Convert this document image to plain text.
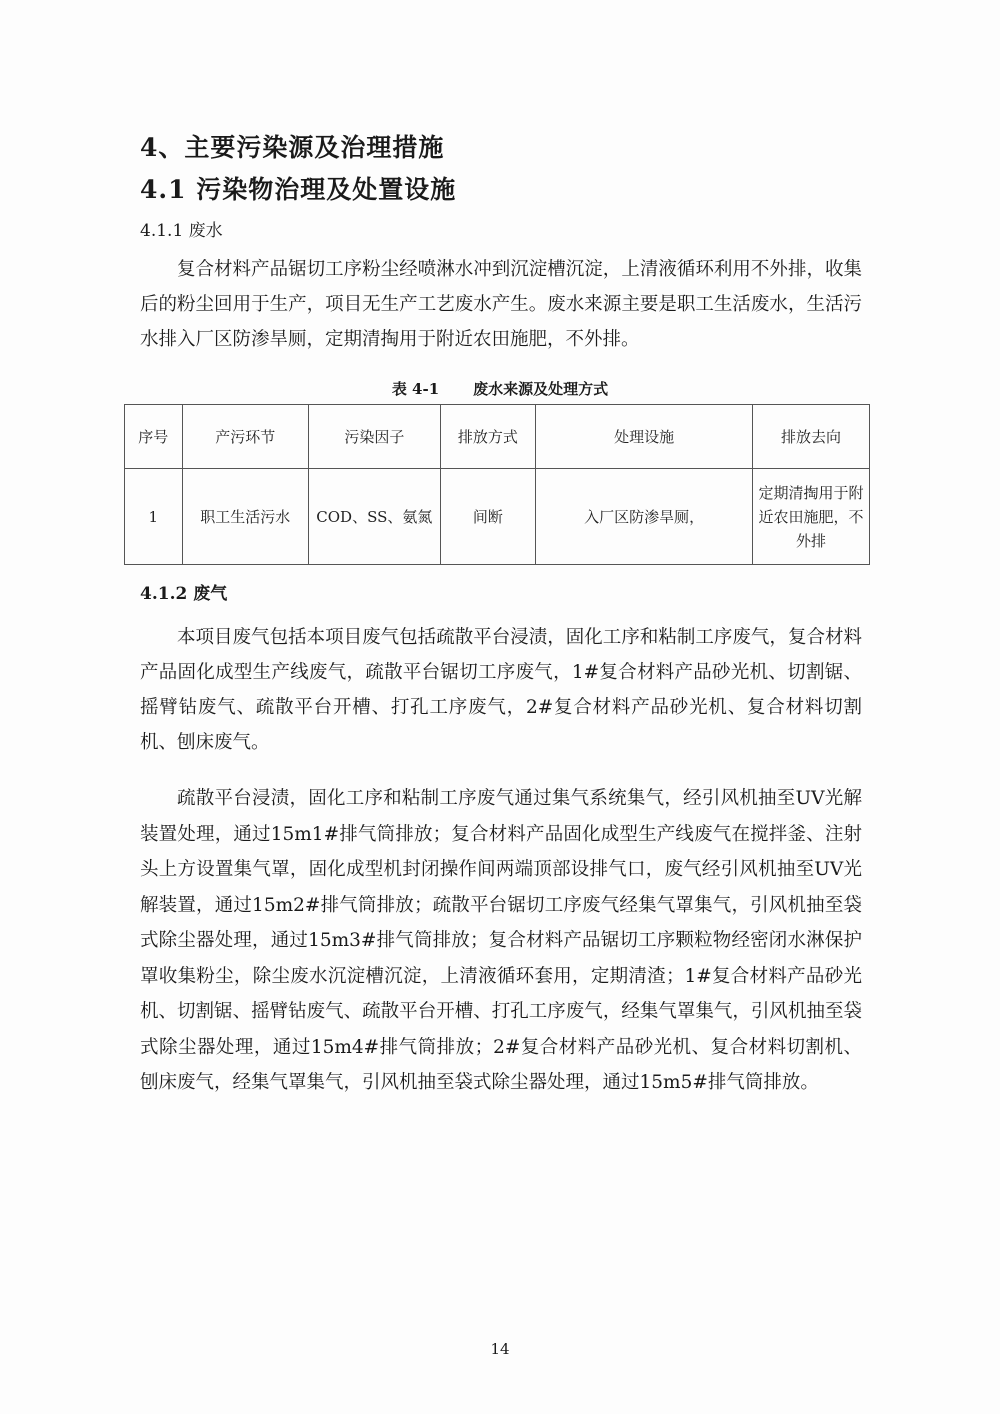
4、主要污染源及治理措施
4.1 污染物治理及处置设施
4.1.1 废水

复合材料产品锯切工序粉尘经喷淋水冲到沉淀槽沉淀，上清液循环利用不外排，收集后的粉尘回用于生产，项目无生产工艺废水产生。废水来源主要是职工生活废水，生活污水排入厂区防渗旱厕，定期清掏用于附近农田施肥，不外排。

表 4-1 废水来源及处理方式
序号	产污环节	污染因子	排放方式	处理设施	排放去向
1	职工生活污水	COD、SS、氨氮	间断	入厂区防渗旱厕，	定期清掏用于附近农田施肥，不外排
4.1.2 废气

本项目废气包括本项目废气包括疏散平台浸渍，固化工序和粘制工序废气，复合材料产品固化成型生产线废气，疏散平台锯切工序废气，1#复合材料产品砂光机、切割锯、摇臂钻废气、疏散平台开槽、打孔工序废气，2#复合材料产品砂光机、复合材料切割机、刨床废气。

疏散平台浸渍，固化工序和粘制工序废气通过集气系统集气，经引风机抽至UV光解装置处理，通过15m1#排气筒排放；复合材料产品固化成型生产线废气在搅拌釜、注射头上方设置集气罩，固化成型机封闭操作间两端顶部设排气口，废气经引风机抽至UV光解装置，通过15m2#排气筒排放；疏散平台锯切工序废气经集气罩集气，引风机抽至袋式除尘器处理，通过15m3#排气筒排放；复合材料产品锯切工序颗粒物经密闭水淋保护罩收集粉尘，除尘废水沉淀槽沉淀，上清液循环套用，定期清渣；1#复合材料产品砂光机、切割锯、摇臂钻废气、疏散平台开槽、打孔工序废气，经集气罩集气，引风机抽至袋式除尘器处理，通过15m4#排气筒排放；2#复合材料产品砂光机、复合材料切割机、刨床废气，经集气罩集气，引风机抽至袋式除尘器处理，通过15m5#排气筒排放。

14
